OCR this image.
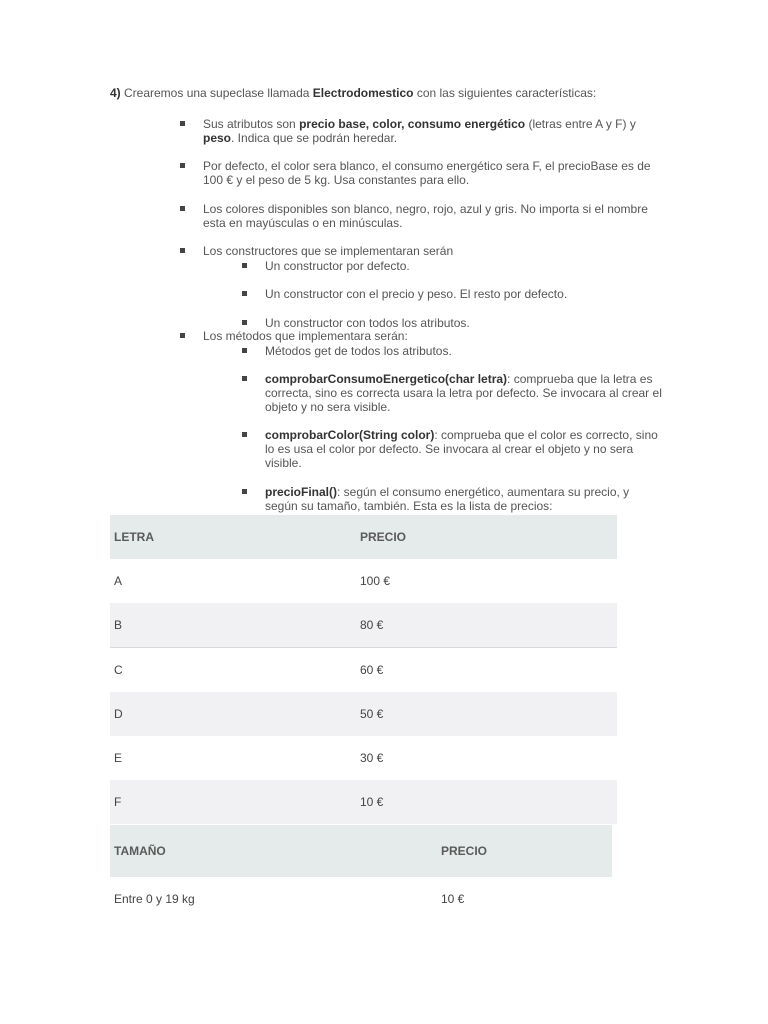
4) Crearemos una supeclase llamada Electrodomestico con las siguientes características:
Sus atributos son precio base, color, consumo energético (letras entre A y F) y peso. Indica que se podrán heredar.
Por defecto, el color sera blanco, el consumo energético sera F, el precioBase es de 100 € y el peso de 5 kg. Usa constantes para ello.
Los colores disponibles son blanco, negro, rojo, azul y gris. No importa si el nombre esta en mayúsculas o en minúsculas.
Los constructores que se implementaran serán
Un constructor por defecto.
Un constructor con el precio y peso. El resto por defecto.
Un constructor con todos los atributos.
Los métodos que implementara serán:
Métodos get de todos los atributos.
comprobarConsumoEnergetico(char letra): comprueba que la letra es correcta, sino es correcta usara la letra por defecto. Se invocara al crear el objeto y no sera visible.
comprobarColor(String color): comprueba que el color es correcto, sino lo es usa el color por defecto. Se invocara al crear el objeto y no sera visible.
precioFinal(): según el consumo energético, aumentara su precio, y según su tamaño, también. Esta es la lista de precios:
LETRA	PRECIO
A	100 €
B	80 €
C	60 €
D	50 €
E	30 €
F	10 €
TAMAÑO	PRECIO
Entre 0 y 19 kg	10 €
